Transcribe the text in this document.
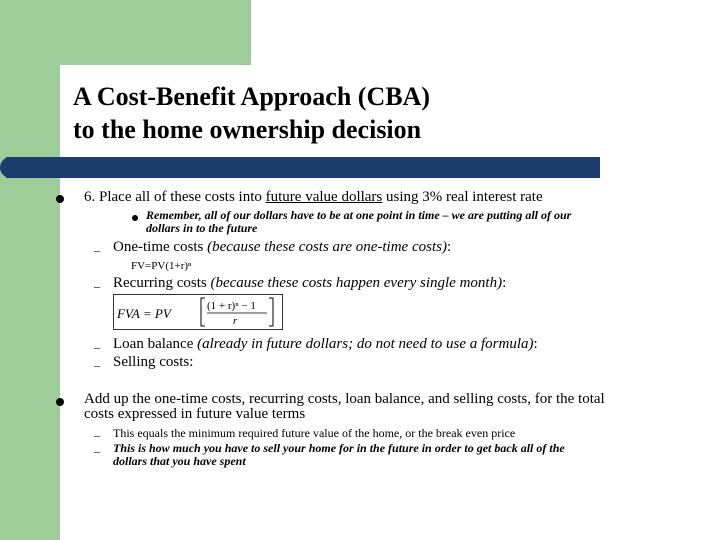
A Cost-Benefit Approach (CBA)
to the home ownership decision
6. Place all of these costs into future value dollars using 3% real interest rate
Remember, all of our dollars have to be at one point in time – we are putting all of our
dollars in to the future
– One-time costs (because these costs are one-time costs):
FV=PV(1+r)ⁿ
– Recurring costs (because these costs happen every single month):
FVA = PV	(1 + r)ⁿ − 1
r
– Loan balance (already in future dollars; do not need to use a formula):
– Selling costs:
Add up the one-time costs, recurring costs, loan balance, and selling costs, for the total
costs expressed in future value terms
– This equals the minimum required future value of the home, or the break even price
– This is how much you have to sell your home for in the future in order to get back all of the
dollars that you have spent
